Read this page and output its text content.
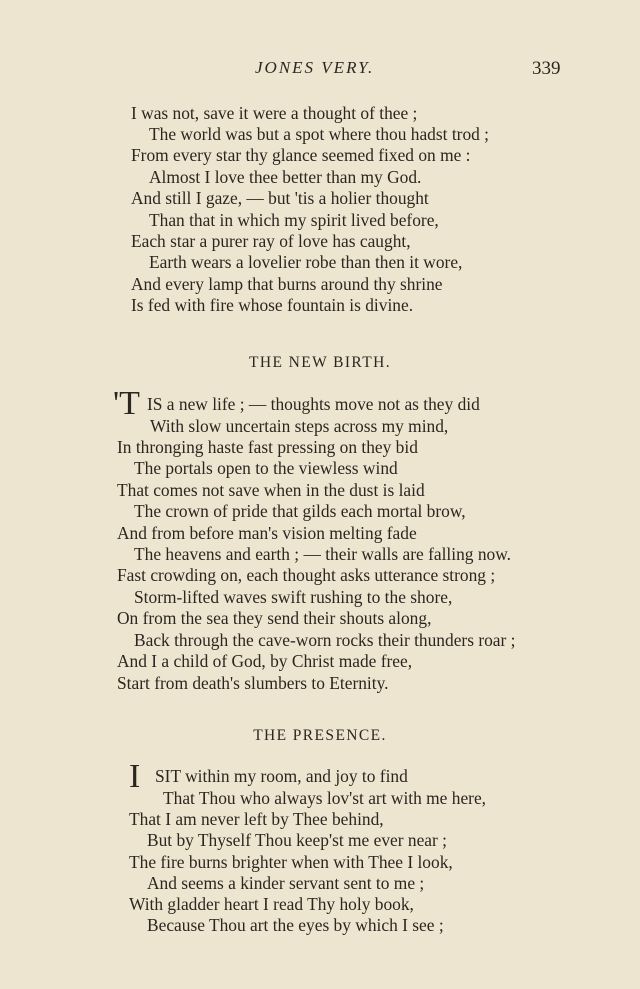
JONES VERY.	339
I was not, save it were a thought of thee ;
The world was but a spot where thou hadst trod ;
From every star thy glance seemed fixed on me :
Almost I love thee better than my God.
And still I gaze, — but 'tis a holier thought
Than that in which my spirit lived before,
Each star a purer ray of love has caught,
Earth wears a lovelier robe than then it wore,
And every lamp that burns around thy shrine
Is fed with fire whose fountain is divine.
THE NEW BIRTH.
'T IS a new life ; — thoughts move not as they did
With slow uncertain steps across my mind,
In thronging haste fast pressing on they bid
The portals open to the viewless wind
That comes not save when in the dust is laid
The crown of pride that gilds each mortal brow,
And from before man's vision melting fade
The heavens and earth ; — their walls are falling now.
Fast crowding on, each thought asks utterance strong ;
Storm-lifted waves swift rushing to the shore,
On from the sea they send their shouts along,
Back through the cave-worn rocks their thunders roar ;
And I a child of God, by Christ made free,
Start from death's slumbers to Eternity.
THE PRESENCE.
I SIT within my room, and joy to find
That Thou who always lov'st art with me here,
That I am never left by Thee behind,
But by Thyself Thou keep'st me ever near ;
The fire burns brighter when with Thee I look,
And seems a kinder servant sent to me ;
With gladder heart I read Thy holy book,
Because Thou art the eyes by which I see ;
